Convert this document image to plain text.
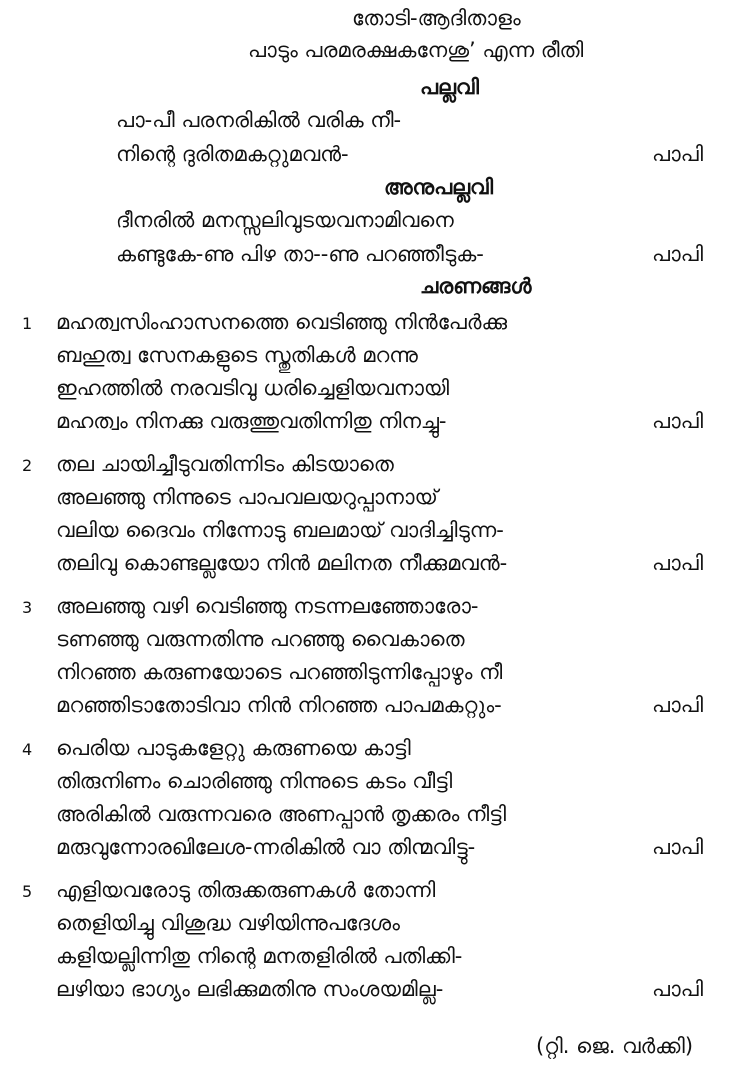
തോടി-ആദിതാളം
പാടും പരമരക്ഷകനേശു’ എന്ന രീതി
പല്ലവി
പാ-പീ പരനരികിൽ വരിക നീ-
നിന്റെ ദുരിതമകറ്റുമവൻ-	പാപി
അനുപല്ലവി
ദീനരിൽ മനസ്സലിവുടയവനാമിവനെ
കണ്ടുകേ-ണു പിഴ താ--ണു പറഞ്ഞീടുക-	പാപി
ചരണങ്ങൾ
1 മഹത്വസിംഹാസനത്തെ വെടിഞ്ഞു നിൻപേർക്കു
ബഹുത്വ സേനകളുടെ സ്തുതികൾ മറന്നു
ഇഹത്തിൽ നരവടിവു ധരിച്ചെളിയവനായി
മഹത്വം നിനക്കു വരുത്തുവതിന്നിതു നിനച്ചു-	പാപി
2 തല ചായിച്ചീടുവതിന്നിടം കിടയാതെ
അലഞ്ഞു നിന്നുടെ പാപവലയറുപ്പാനായ്
വലിയ ദൈവം നിന്നോടു ബലമായ് വാദിച്ചിടുന്ന-
തലിവു കൊണ്ടല്ലയോ നിൻ മലിനത നീക്കുമവൻ-	പാപി
3 അലഞ്ഞു വഴി വെടിഞ്ഞു നടന്നലഞ്ഞോരോ-
ടണഞ്ഞു വരുന്നതിന്നു പറഞ്ഞു വൈകാതെ
നിറഞ്ഞ കരുണയോടെ പറഞ്ഞിടുന്നിപ്പോഴും നീ
മറഞ്ഞിടാതോടിവാ നിൻ നിറഞ്ഞ പാപമകറ്റും-	പാപി
4 പെരിയ പാടുകളേറ്റു കരുണയെ കാട്ടി
തിരുനിണം ചൊരിഞ്ഞു നിന്നുടെ കടം വീട്ടി
അരികിൽ വരുന്നവരെ അണപ്പാൻ തൃക്കരം നീട്ടി
മരുവുന്നോരഖിലേശ-ന്നരികിൽ വാ തിന്മവിട്ടു-	പാപി
5 എളിയവരോടു തിരുക്കരുണകൾ തോന്നി
തെളിയിച്ചു വിശുദ്ധ വഴിയിന്നുപദേശം
കളിയല്ലിന്നിതു നിന്റെ മനതളിരിൽ പതിക്കി-
ലഴിയാ ഭാഗ്യം ലഭിക്കുമതിനു സംശയമില്ല-	പാപി
(റ്റി. ജെ. വർക്കി)
